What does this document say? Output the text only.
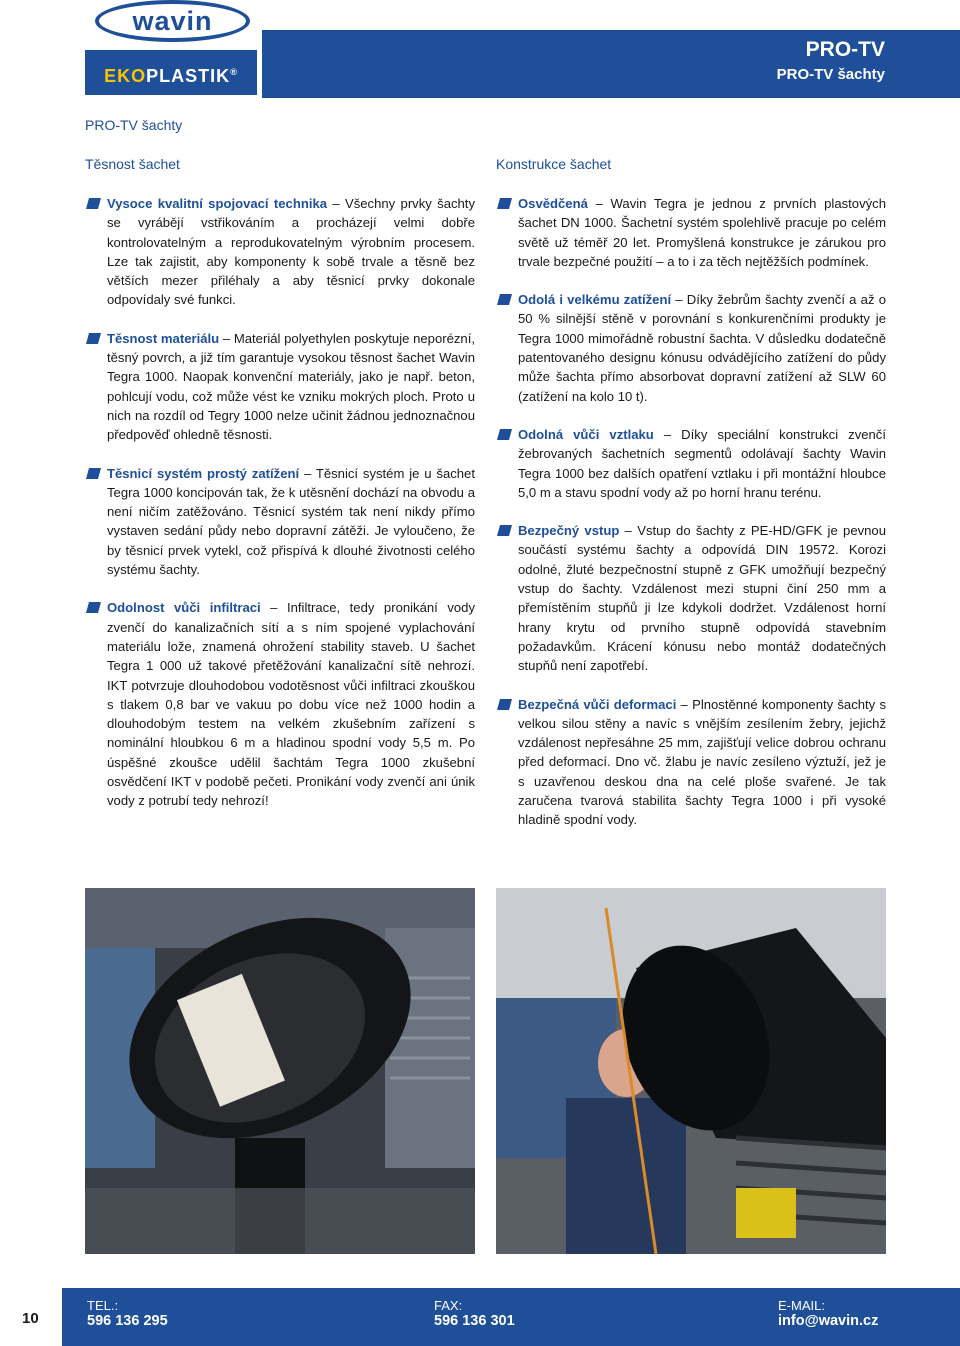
wavin
EKOPLASTIK®
PRO-TV
PRO-TV šachty
PRO-TV šachty
Těsnost šachet	Konstrukce šachet
Vysoce kvalitní spojovací technika – Všechny prvky šachty se vyrábějí vstřikováním a procházejí velmi dobře kontrolovatelným a reprodukovatelným výrobním procesem. Lze tak zajistit, aby komponenty k sobě trvale a těsně bez větších mezer přiléhaly a aby těsnicí prvky dokonale odpovídaly své funkci.
Těsnost materiálu – Materiál polyethylen poskytuje neporézní, těsný povrch, a již tím garantuje vysokou těsnost šachet Wavin Tegra 1000. Naopak konvenční materiály, jako je např. beton, pohlcují vodu, což může vést ke vzniku mokrých ploch. Proto u nich na rozdíl od Tegry 1000 nelze učinit žádnou jednoznačnou předpověď ohledně těsnosti.
Těsnicí systém prostý zatížení – Těsnicí systém je u šachet Tegra 1000 koncipován tak, že k utěsnění dochází na obvodu a není ničím zatěžováno. Těsnicí systém tak není nikdy přímo vystaven sedání půdy nebo dopravní zátěži. Je vyloučeno, že by těsnicí prvek vytekl, což přispívá k dlouhé životnosti celého systému šachty.
Odolnost vůči infiltraci – Infiltrace, tedy pronikání vody zvenčí do kanalizačních sítí a s ním spojené vyplachování materiálu lože, znamená ohrožení stability staveb. U šachet Tegra 1 000 už takové přetěžování kanalizační sítě nehrozí. IKT potvrzuje dlouhodobou vodotěsnost vůči infiltraci zkouškou s tlakem 0,8 bar ve vakuu po dobu více než 1000 hodin a dlouhodobým testem na velkém zkušebním zařízení s nominální hloubkou 6 m a hladinou spodní vody 5,5 m. Po úspěšné zkoušce udělil šachtám Tegra 1000 zkušební osvědčení IKT v podobě pečeti. Pronikání vody zvenčí ani únik vody z potrubí tedy nehrozí!
Osvědčená – Wavin Tegra je jednou z prvních plastových šachet DN 1000. Šachetní systém spolehlivě pracuje po celém světě už téměř 20 let. Promyšlená konstrukce je zárukou pro trvale bezpečné použití – a to i za těch nejtěžších podmínek.
Odolá i velkému zatížení – Díky žebrům šachty zvenčí a až o 50 % silnější stěně v porovnání s konkurenčními produkty je Tegra 1000 mimořádně robustní šachta. V důsledku dodatečně patentovaného designu kónusu odvádějícího zatížení do půdy může šachta přímo absorbovat dopravní zatížení až SLW 60 (zatížení na kolo 10 t).
Odolná vůči vztlaku – Díky speciální konstrukci zvenčí žebrovaných šachetních segmentů odolávají šachty Wavin Tegra 1000 bez dalších opatření vztlaku i při montážní hloubce 5,0 m a stavu spodní vody až po horní hranu terénu.
Bezpečný vstup – Vstup do šachty z PE-HD/GFK je pevnou součástí systému šachty a odpovídá DIN 19572. Korozi odolné, žluté bezpečnostní stupně z GFK umožňují bezpečný vstup do šachty. Vzdálenost mezi stupni činí 250 mm a přemístěním stupňů ji lze kdykoli dodržet. Vzdálenost horní hrany krytu od prvního stupně odpovídá stavebním požadavkům. Krácení kónusu nebo montáž dodatečných stupňů není zapotřebí.
Bezpečná vůči deformaci – Plnostěnné komponenty šachty s velkou silou stěny a navíc s vnějším zesílením žebry, jejichž vzdálenost nepřesáhne 25 mm, zajišťují velice dobrou ochranu před deformací. Dno vč. žlabu je navíc zesíleno výztuží, jež je s uzavřenou deskou dna na celé ploše svařené. Je tak zaručena tvarová stabilita šachty Tegra 1000 i při vysoké hladině spodní vody.
10
TEL.:
596 136 295
FAX:
596 136 301
E-MAIL:
info@wavin.cz
